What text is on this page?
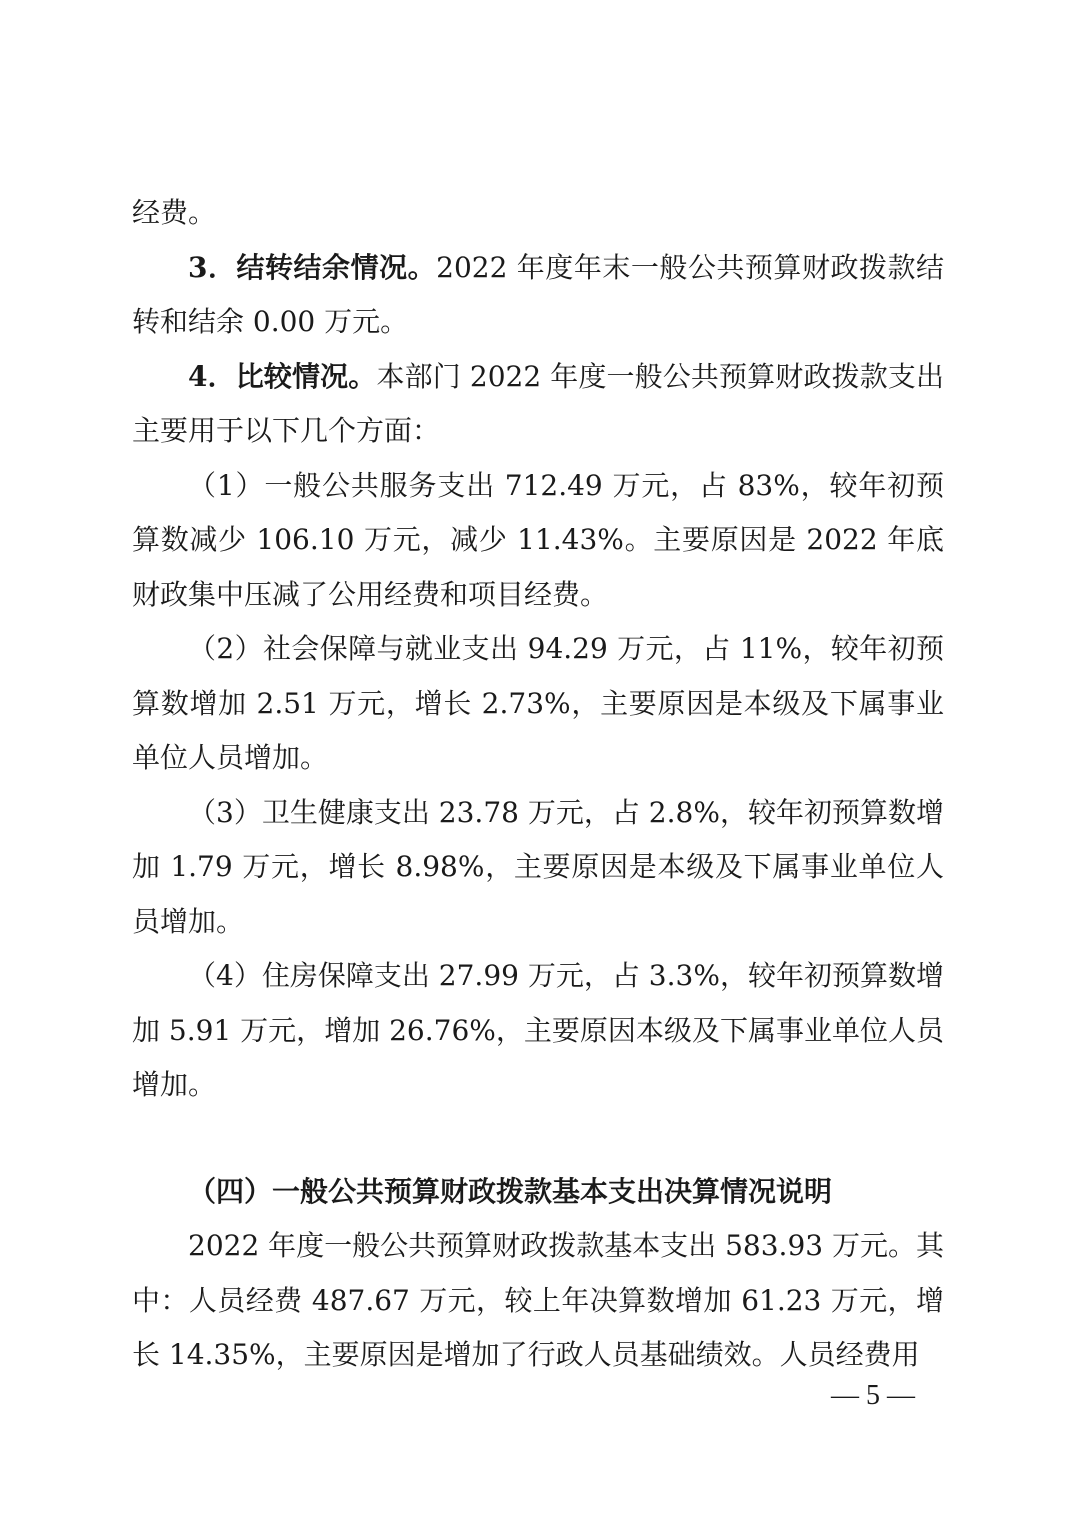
经费。

3．结转结余情况。2022 年度年末一般公共预算财政拨款结转和结余 0.00 万元。

4．比较情况。本部门 2022 年度一般公共预算财政拨款支出主要用于以下几个方面：

（1）一般公共服务支出 712.49 万元，占 83%，较年初预算数减少 106.10 万元，减少 11.43%。主要原因是 2022 年底财政集中压减了公用经费和项目经费。

（2）社会保障与就业支出 94.29 万元，占 11%，较年初预算数增加 2.51 万元，增长 2.73%，主要原因是本级及下属事业单位人员增加。

（3）卫生健康支出 23.78 万元，占 2.8%，较年初预算数增加 1.79 万元，增长 8.98%，主要原因是本级及下属事业单位人员增加。

（4）住房保障支出 27.99 万元，占 3.3%，较年初预算数增加 5.91 万元，增加 26.76%，主要原因本级及下属事业单位人员增加。

（四）一般公共预算财政拨款基本支出决算情况说明

2022 年度一般公共预算财政拨款基本支出 583.93 万元。其中：人员经费 487.67 万元，较上年决算数增加 61.23 万元，增长 14.35%，主要原因是增加了行政人员基础绩效。人员经费用

— 5 —
